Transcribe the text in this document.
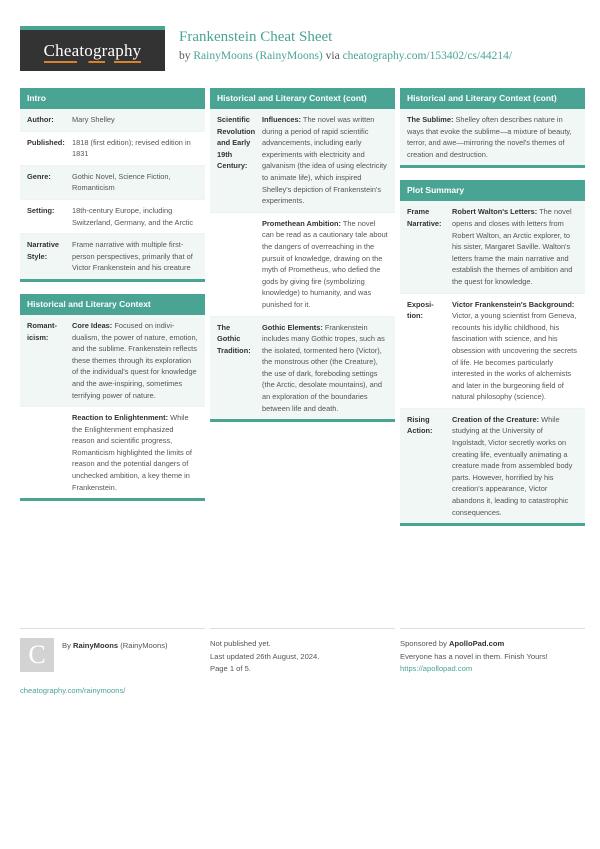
Cheatography
Frankenstein Cheat Sheet
by RainyMoons (RainyMoons) via cheatography.com/153402/cs/44214/
Intro
Author:	Mary Shelley
Published: 1818 (first edition); revised edition in 1831
Genre:	Gothic Novel, Science Fiction, Romanticism
Setting:	18th-century Europe, including Switzerland, Germany, and the Arctic
Narrative Style:
Frame narrative with multiple first-person perspectives, primarily that of Victor Frankenstein and his creature
Historical and Literary Context
Romanticism:
Core Ideas: Focused on individualism, the power of nature, emotion, and the sublime. Frankenstein reflects these themes through its exploration of the individual's quest for knowledge and the awe-inspiring, sometimes terrifying power of nature.
Reaction to Enlightenment: While the Enlightenment emphasized reason and scientific progress, Romanticism highlighted the limits of reason and the potential dangers of unchecked ambition, a key theme in Frankenstein.
Historical and Literary Context (cont)
Scientific Revolution and Early 19th Century:
Influences: The novel was written during a period of rapid scientific advancements, including early experiments with electricity and galvanism (the idea of using electricity to animate life), which inspired Shelley's depiction of Frankenstein's experiments.
Promethean Ambition: The novel can be read as a cautionary tale about the dangers of overreaching in the pursuit of knowledge, drawing on the myth of Prometheus, who defied the gods by giving fire (symbolizing knowledge) to humanity, and was punished for it.
The Gothic Tradition:
Gothic Elements: Frankenstein includes many Gothic tropes, such as the isolated, tormented hero (Victor), the monstrous other (the Creature), the use of dark, foreboding settings (the Arctic, desolate mountains), and an exploration of the boundaries between life and death.
Historical and Literary Context (cont)
The Sublime: Shelley often describes nature in ways that evoke the sublime—a mixture of beauty, terror, and awe—mirroring the novel's themes of creation and destruction.
Plot Summary
Frame Narrative:
Robert Walton's Letters: The novel opens and closes with letters from Robert Walton, an Arctic explorer, to his sister, Margaret Saville. Walton's letters frame the main narrative and establish the themes of ambition and the quest for knowledge.
Exposition:
Victor Frankenstein's Background: Victor, a young scientist from Geneva, recounts his idyllic childhood, his fascination with science, and his obsession with uncovering the secrets of life. He becomes particularly interested in the works of alchemists and later in the burgeoning field of natural philosophy (science).
Rising Action:
Creation of the Creature: While studying at the University of Ingolstadt, Victor secretly works on creating life, eventually animating a creature made from assembled body parts. However, horrified by his creation's appearance, Victor abandons it, leading to catastrophic consequences.
C	By RainyMoons (RainyMoons)
cheatography.com/rainymoons/
Not published yet.
Last updated 26th August, 2024.
Page 1 of 5.
Sponsored by ApolloPad.com
Everyone has a novel in them. Finish Yours!
https://apollopad.com
